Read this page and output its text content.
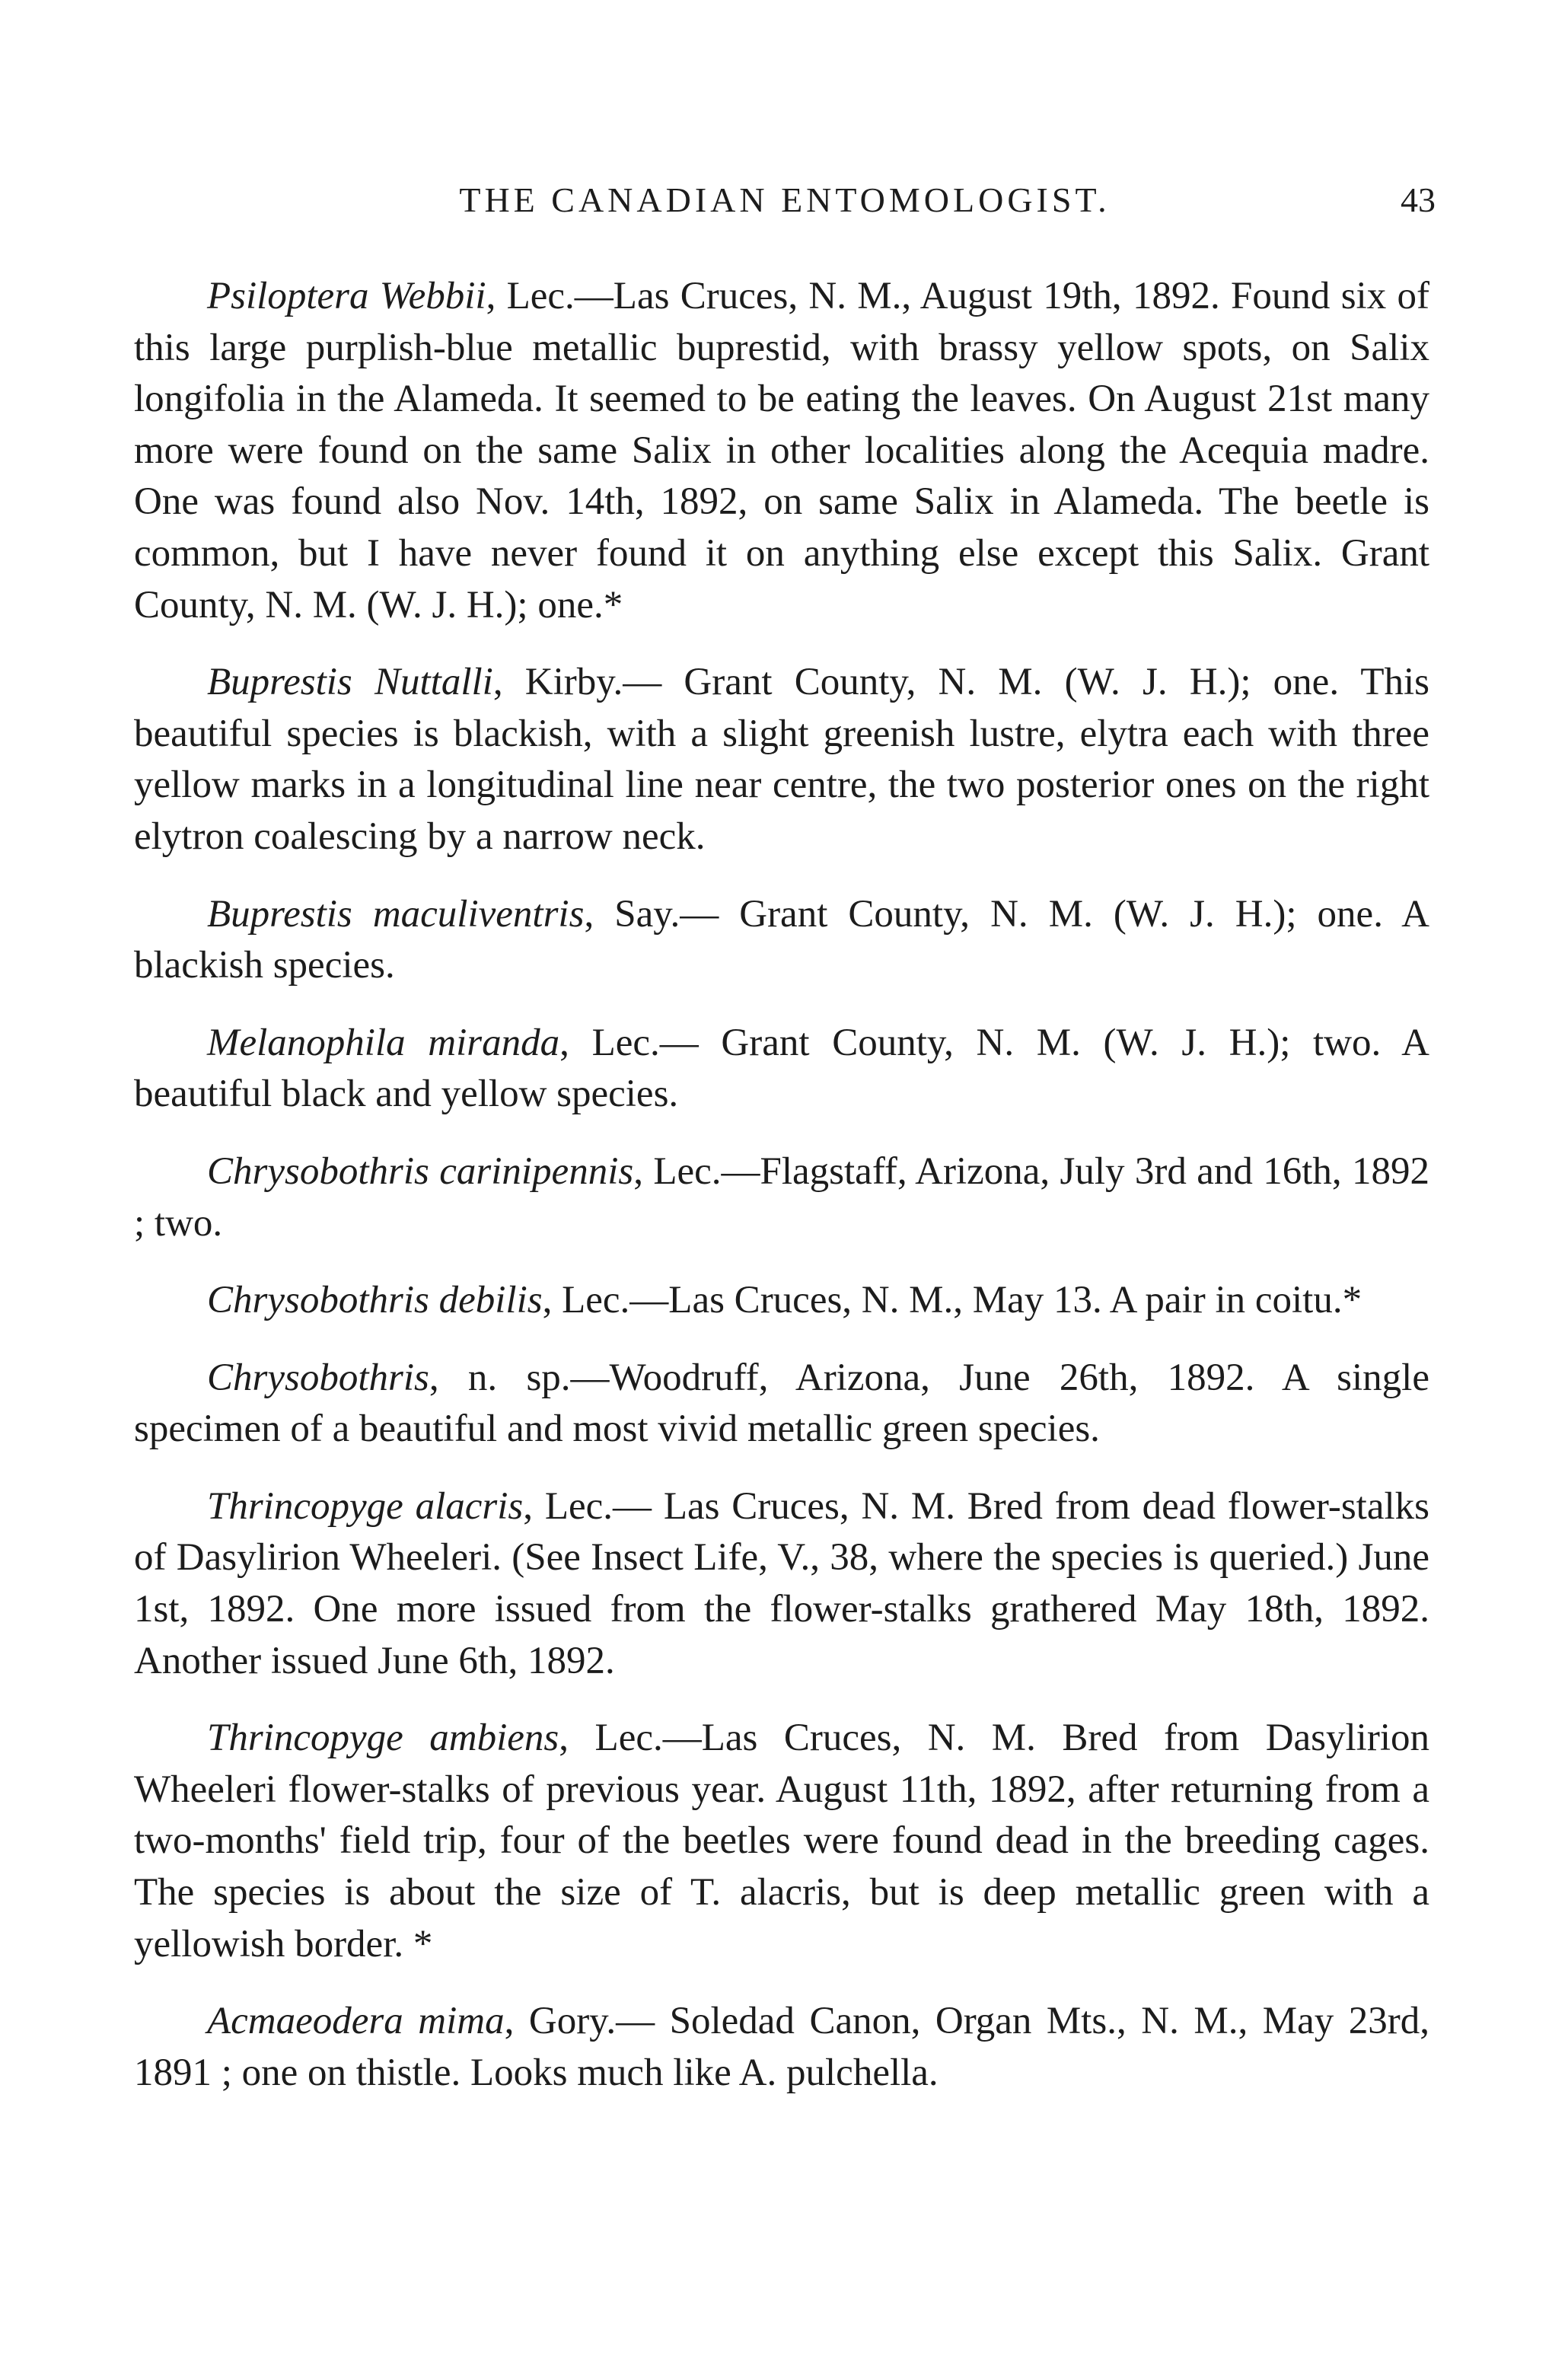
THE CANADIAN ENTOMOLOGIST.	43

Psiloptera Webbii, Lec.—Las Cruces, N. M., August 19th, 1892. Found six of this large purplish-blue metallic buprestid, with brassy yellow spots, on Salix longifolia in the Alameda. It seemed to be eating the leaves. On August 21st many more were found on the same Salix in other localities along the Acequia madre. One was found also Nov. 14th, 1892, on same Salix in Alameda. The beetle is common, but I have never found it on anything else except this Salix. Grant County, N. M. (W. J. H.); one.*

Buprestis Nuttalli, Kirby.— Grant County, N. M. (W. J. H.); one. This beautiful species is blackish, with a slight greenish lustre, elytra each with three yellow marks in a longitudinal line near centre, the two posterior ones on the right elytron coalescing by a narrow neck.

Buprestis maculiventris, Say.— Grant County, N. M. (W. J. H.); one. A blackish species.

Melanophila miranda, Lec.— Grant County, N. M. (W. J. H.); two. A beautiful black and yellow species.

Chrysobothris carinipennis, Lec.—Flagstaff, Arizona, July 3rd and 16th, 1892 ; two.

Chrysobothris debilis, Lec.—Las Cruces, N. M., May 13. A pair in coitu.*

Chrysobothris, n. sp.—Woodruff, Arizona, June 26th, 1892. A single specimen of a beautiful and most vivid metallic green species.

Thrincopyge alacris, Lec.— Las Cruces, N. M. Bred from dead flower-stalks of Dasylirion Wheeleri. (See Insect Life, V., 38, where the species is queried.) June 1st, 1892. One more issued from the flower-stalks grathered May 18th, 1892. Another issued June 6th, 1892.

Thrincopyge ambiens, Lec.—Las Cruces, N. M. Bred from Dasylirion Wheeleri flower-stalks of previous year. August 11th, 1892, after returning from a two-months' field trip, four of the beetles were found dead in the breeding cages. The species is about the size of T. alacris, but is deep metallic green with a yellowish border. *

Acmaeodera mima, Gory.— Soledad Canon, Organ Mts., N. M., May 23rd, 1891 ; one on thistle. Looks much like A. pulchella.
